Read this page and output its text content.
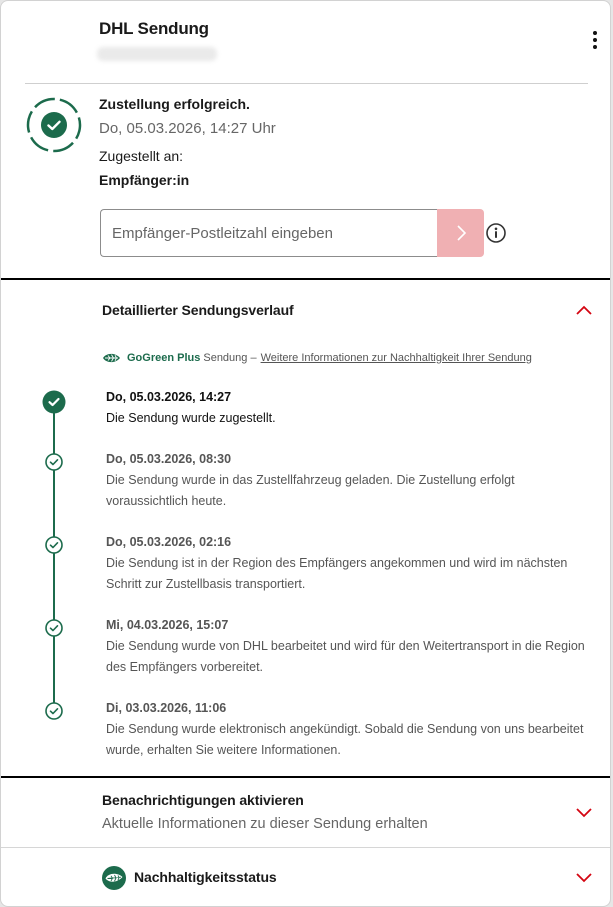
DHL Sendung
Zustellung erfolgreich.
Do, 05.03.2026, 14:27 Uhr
Zugestellt an:
Empfänger:in
Empfänger-Postleitzahl eingeben
Detaillierter Sendungsverlauf
GoGreen Plus Sendung – Weitere Informationen zur Nachhaltigkeit Ihrer Sendung
Do, 05.03.2026, 14:27
Die Sendung wurde zugestellt.
Do, 05.03.2026, 08:30
Die Sendung wurde in das Zustellfahrzeug geladen. Die Zustellung erfolgt voraussichtlich heute.
Do, 05.03.2026, 02:16
Die Sendung ist in der Region des Empfängers angekommen und wird im nächsten Schritt zur Zustellbasis transportiert.
Mi, 04.03.2026, 15:07
Die Sendung wurde von DHL bearbeitet und wird für den Weitertransport in die Region des Empfängers vorbereitet.
Di, 03.03.2026, 11:06
Die Sendung wurde elektronisch angekündigt. Sobald die Sendung von uns bearbeitet wurde, erhalten Sie weitere Informationen.
Benachrichtigungen aktivieren
Aktuelle Informationen zu dieser Sendung erhalten
Nachhaltigkeitsstatus
